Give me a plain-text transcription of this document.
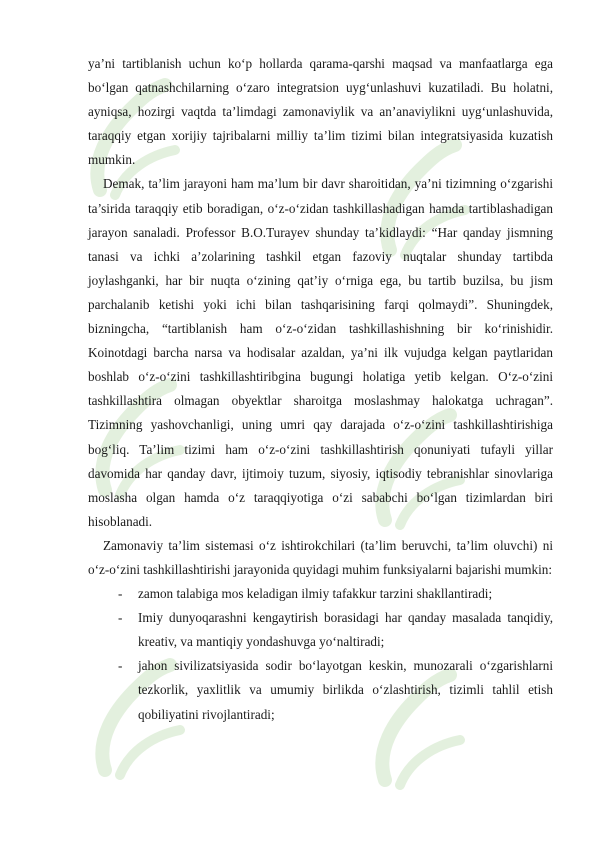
ya’ni tartiblanish uchun ko‘p hollarda qarama-qarshi maqsad va manfaatlarga ega bo‘lgan qatnashchilarning o‘zaro integratsion uyg‘unlashuvi kuzatiladi. Bu holatni, ayniqsa, hozirgi vaqtda ta’limdagi zamonaviylik va an’anaviylikni uyg‘unlashuvida, taraqqiy etgan xorijiy tajribalarni milliy ta’lim tizimi bilan integratsiyasida kuzatish mumkin.

Demak, ta’lim jarayoni ham ma’lum bir davr sharoitidan, ya’ni tizimning o‘zgarishi ta’sirida taraqqiy etib boradigan, o‘z-o‘zidan tashkillashadigan hamda tartiblashadigan jarayon sanaladi. Professor B.O.Turayev shunday ta’kidlaydi: “Har qanday jismning tanasi va ichki a’zolarining tashkil etgan fazoviy nuqtalar shunday tartibda joylashganki, har bir nuqta o‘zining qat’iy o‘rniga ega, bu tartib buzilsa, bu jism parchalanib ketishi yoki ichi bilan tashqarisining farqi qolmaydi”. Shuningdek, bizningcha, “tartiblanish ham o‘z-o‘zidan tashkillashishning bir ko‘rinishidir. Koinotdagi barcha narsa va hodisalar azaldan, ya’ni ilk vujudga kelgan paytlaridan boshlab o‘z-o‘zini tashkillashtiribgina bugungi holatiga yetib kelgan. O‘z-o‘zini tashkillashtira olmagan obyektlar sharoitga moslashmay halokatga uchragan”. Tizimning yashovchanligi, uning umri qay darajada o‘z-o‘zini tashkillashtirishiga bog‘liq. Ta’lim tizimi ham o‘z-o‘zini tashkillashtirish qonuniyati tufayli yillar davomida har qanday davr, ijtimoiy tuzum, siyosiy, iqtisodiy tebranishlar sinovlariga moslasha olgan hamda o‘z taraqqiyotiga o‘zi sababchi bo‘lgan tizimlardan biri hisoblanadi.

Zamonaviy ta’lim sistemasi o‘z ishtirokchilari (ta’lim beruvchi, ta’lim oluvchi) ni o‘z-o‘zini tashkillashtirishi jarayonida quyidagi muhim funksiyalarni bajarishi mumkin:

- zamon talabiga mos keladigan ilmiy tafakkur tarzini shakllantiradi;
- Imiy dunyoqarashni kengaytirish borasidagi har qanday masalada tanqidiy, kreativ, va mantiqiy yondashuvga yo‘naltiradi;
- jahon sivilizatsiyasida sodir bo‘layotgan keskin, munozarali o‘zgarishlarni tezkorlik, yaxlitlik va umumiy birlikda o‘zlashtirish, tizimli tahlil etish qobiliyatini rivojlantiradi;
